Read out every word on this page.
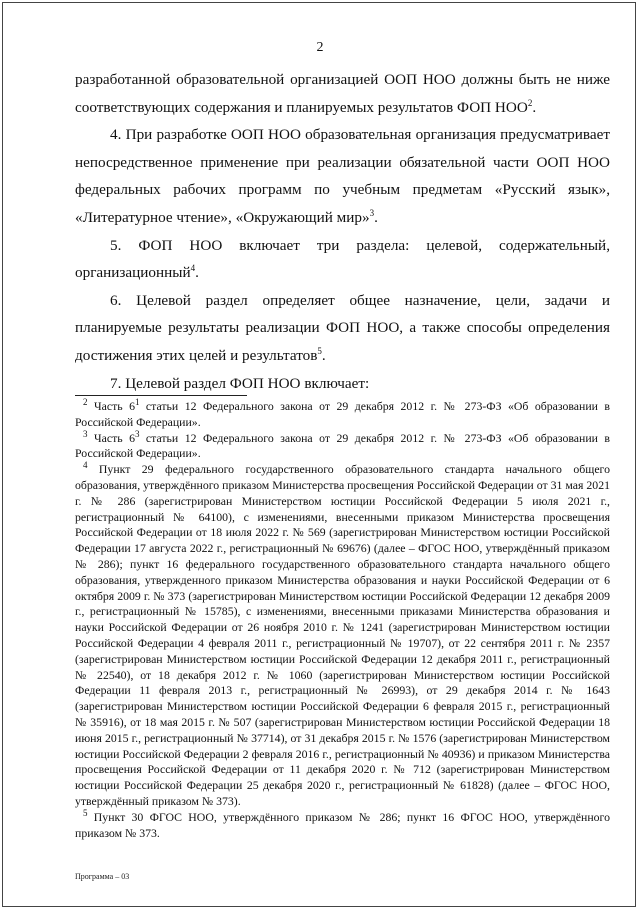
2

разработанной образовательной организацией ООП НОО должны быть не ниже соответствующих содержания и планируемых результатов ФОП НОО$^2$.

4. При разработке ООП НОО образовательная организация предусматривает непосредственное применение при реализации обязательной части ООП НОО федеральных рабочих программ по учебным предметам «Русский язык», «Литературное чтение», «Окружающий мир»$^3$.

5. ФОП НОО включает три раздела: целевой, содержательный, организационный$^4$.

6. Целевой раздел определяет общее назначение, цели, задачи и планируемые результаты реализации ФОП НОО, а также способы определения достижения этих целей и результатов$^5$.

7. Целевой раздел ФОП НОО включает:

$^2$ Часть $6^1$ статьи 12 Федерального закона от 29 декабря 2012 г. № 273-ФЗ «Об образовании в Российской Федерации».

$^3$ Часть $6^3$ статьи 12 Федерального закона от 29 декабря 2012 г. № 273-ФЗ «Об образовании в Российской Федерации».

$^4$ Пункт 29 федерального государственного образовательного стандарта начального общего образования, утверждённого приказом Министерства просвещения Российской Федерации от 31 мая 2021 г. № 286 (зарегистрирован Министерством юстиции Российской Федерации 5 июля 2021 г., регистрационный № 64100), с изменениями, внесенными приказом Министерства просвещения Российской Федерации от 18 июля 2022 г. № 569 (зарегистрирован Министерством юстиции Российской Федерации 17 августа 2022 г., регистрационный № 69676) (далее – ФГОС НОО, утверждённый приказом № 286); пункт 16 федерального государственного образовательного стандарта начального общего образования, утвержденного приказом Министерства образования и науки Российской Федерации от 6 октября 2009 г. № 373 (зарегистрирован Министерством юстиции Российской Федерации 12 декабря 2009 г., регистрационный № 15785), с изменениями, внесенными приказами Министерства образования и науки Российской Федерации от 26 ноября 2010 г. № 1241 (зарегистрирован Министерством юстиции Российской Федерации 4 февраля 2011 г., регистрационный № 19707), от 22 сентября 2011 г. № 2357 (зарегистрирован Министерством юстиции Российской Федерации 12 декабря 2011 г., регистрационный № 22540), от 18 декабря 2012 г. № 1060 (зарегистрирован Министерством юстиции Российской Федерации 11 февраля 2013 г., регистрационный № 26993), от 29 декабря 2014 г. № 1643 (зарегистрирован Министерством юстиции Российской Федерации 6 февраля 2015 г., регистрационный № 35916), от 18 мая 2015 г. № 507 (зарегистрирован Министерством юстиции Российской Федерации 18 июня 2015 г., регистрационный № 37714), от 31 декабря 2015 г. № 1576 (зарегистрирован Министерством юстиции Российской Федерации 2 февраля 2016 г., регистрационный № 40936) и приказом Министерства просвещения Российской Федерации от 11 декабря 2020 г. № 712 (зарегистрирован Министерством юстиции Российской Федерации 25 декабря 2020 г., регистрационный № 61828) (далее – ФГОС НОО, утверждённый приказом № 373).

$^5$ Пункт 30 ФГОС НОО, утверждённого приказом № 286; пункт 16 ФГОС НОО, утверждённого приказом № 373.

Программа – 03
